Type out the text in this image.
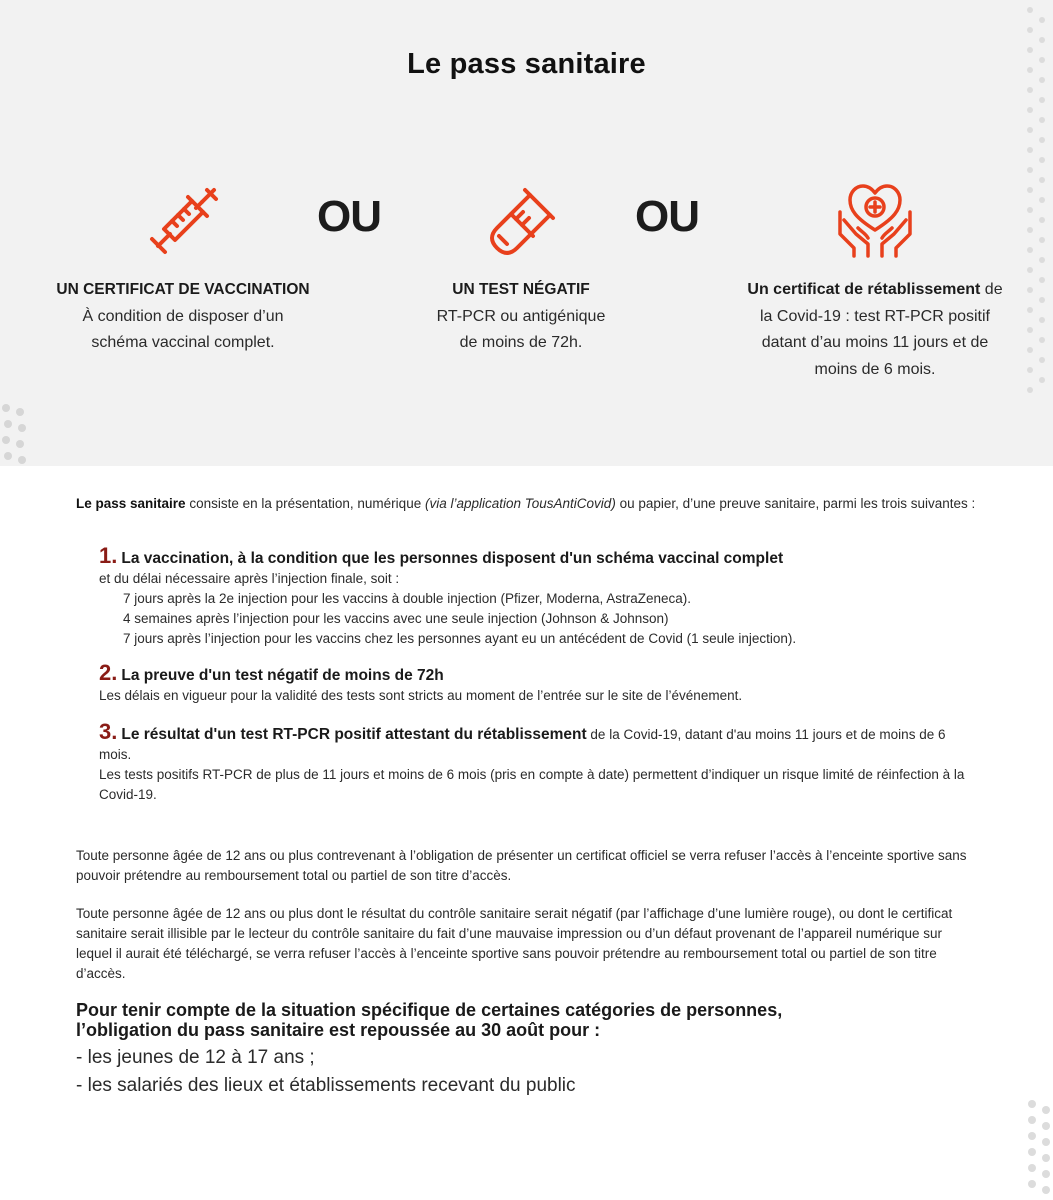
Le pass sanitaire
OU	OU
UN CERTIFICAT DE VACCINATION
À condition de disposer d’un
schéma vaccinal complet.
UN TEST NÉGATIF
RT-PCR ou antigénique
de moins de 72h.
Un certificat de rétablissement de
la Covid-19 : test RT-PCR positif
datant d’au moins 11 jours et de
moins de 6 mois.
Le pass sanitaire consiste en la présentation, numérique (via l’application TousAntiCovid) ou papier, d’une preuve sanitaire, parmi les trois suivantes :
1. La vaccination, à la condition que les personnes disposent d'un schéma vaccinal complet
et du délai nécessaire après l’injection finale, soit :
7 jours après la 2e injection pour les vaccins à double injection (Pfizer, Moderna, AstraZeneca).
4 semaines après l’injection pour les vaccins avec une seule injection (Johnson & Johnson)
7 jours après l’injection pour les vaccins chez les personnes ayant eu un antécédent de Covid (1 seule injection).
2. La preuve d'un test négatif de moins de 72h
Les délais en vigueur pour la validité des tests sont stricts au moment de l’entrée sur le site de l’événement.
3. Le résultat d'un test RT-PCR positif attestant du rétablissement de la Covid-19, datant d'au moins 11 jours et de moins de 6 mois.
Les tests positifs RT-PCR de plus de 11 jours et moins de 6 mois (pris en compte à date) permettent d’indiquer un risque limité de réinfection à la Covid-19.
Toute personne âgée de 12 ans ou plus contrevenant à l’obligation de présenter un certificat officiel se verra refuser l’accès à l’enceinte sportive sans pouvoir prétendre au remboursement total ou partiel de son titre d’accès.
Toute personne âgée de 12 ans ou plus dont le résultat du contrôle sanitaire serait négatif (par l’affichage d’une lumière rouge), ou dont le certificat sanitaire serait illisible par le lecteur du contrôle sanitaire du fait d’une mauvaise impression ou d’un défaut provenant de l’appareil numérique sur lequel il aurait été téléchargé, se verra refuser l’accès à l’enceinte sportive sans pouvoir prétendre au remboursement total ou partiel de son titre d’accès.
Pour tenir compte de la situation spécifique de certaines catégories de personnes,
l’obligation du pass sanitaire est repoussée au 30 août pour :
- les jeunes de 12 à 17 ans ;
- les salariés des lieux et établissements recevant du public
